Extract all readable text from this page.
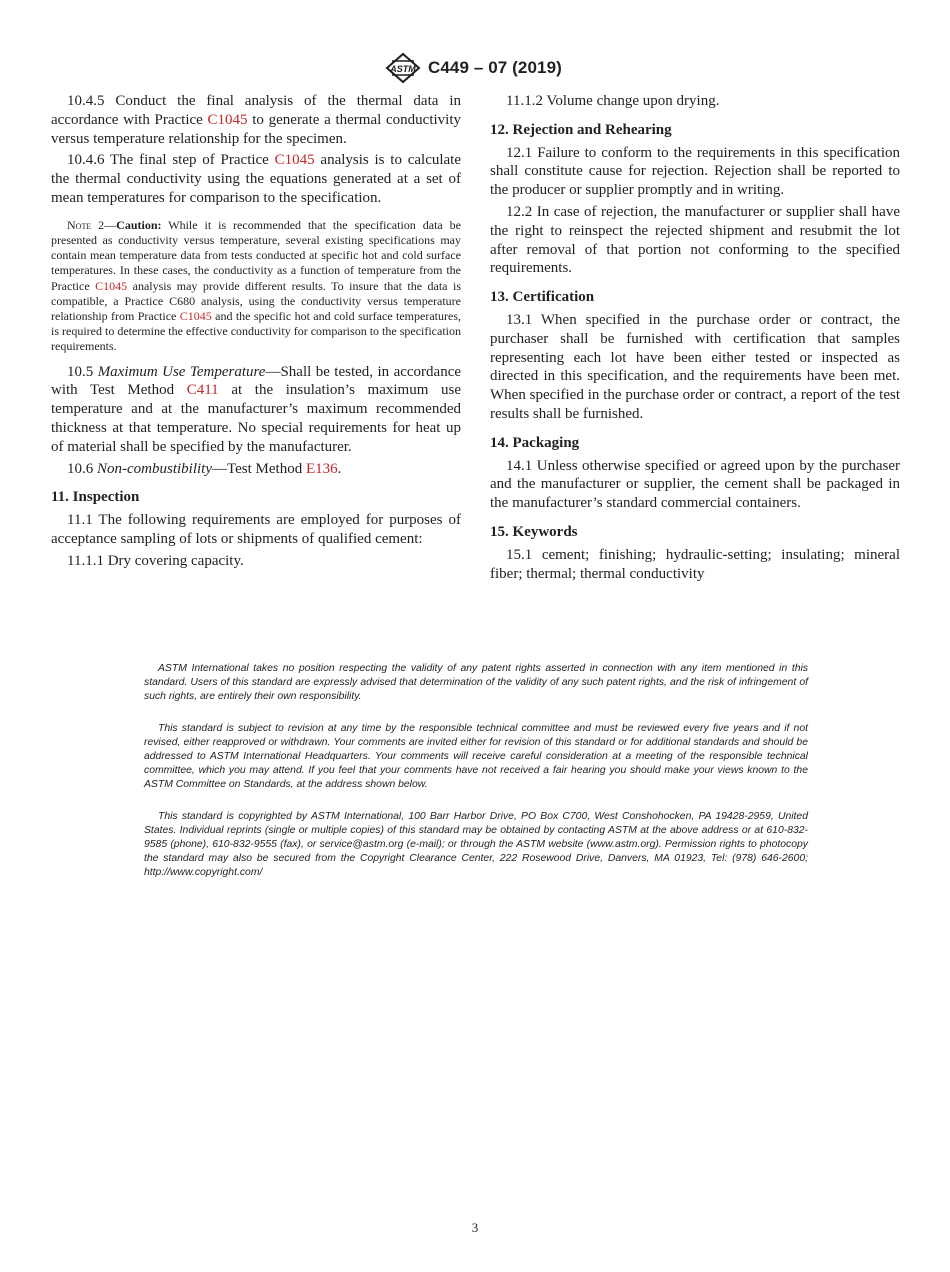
ASTM C449 – 07 (2019)

10.4.5 Conduct the final analysis of the thermal data in accordance with Practice C1045 to generate a thermal conductivity versus temperature relationship for the specimen.

10.4.6 The final step of Practice C1045 analysis is to calculate the thermal conductivity using the equations generated at a set of mean temperatures for comparison to the specification.

Note 2—Caution: While it is recommended that the specification data be presented as conductivity versus temperature, several existing specifications may contain mean temperature data from tests conducted at specific hot and cold surface temperatures. In these cases, the conductivity as a function of temperature from the Practice C1045 analysis may provide different results. To insure that the data is compatible, a Practice C680 analysis, using the conductivity versus temperature relationship from Practice C1045 and the specific hot and cold surface temperatures, is required to determine the effective conductivity for comparison to the specification requirements.

10.5 Maximum Use Temperature—Shall be tested, in accordance with Test Method C411 at the insulation’s maximum use temperature and at the manufacturer’s maximum recommended thickness at that temperature. No special requirements for heat up of material shall be specified by the manufacturer.

10.6 Non-combustibility—Test Method E136.

11. Inspection

11.1 The following requirements are employed for purposes of acceptance sampling of lots or shipments of qualified cement:

11.1.1 Dry covering capacity.

11.1.2 Volume change upon drying.

12. Rejection and Rehearing

12.1 Failure to conform to the requirements in this specification shall constitute cause for rejection. Rejection shall be reported to the producer or supplier promptly and in writing.

12.2 In case of rejection, the manufacturer or supplier shall have the right to reinspect the rejected shipment and resubmit the lot after removal of that portion not conforming to the specified requirements.

13. Certification

13.1 When specified in the purchase order or contract, the purchaser shall be furnished with certification that samples representing each lot have been either tested or inspected as directed in this specification, and the requirements have been met. When specified in the purchase order or contract, a report of the test results shall be furnished.

14. Packaging

14.1 Unless otherwise specified or agreed upon by the purchaser and the manufacturer or supplier, the cement shall be packaged in the manufacturer’s standard commercial containers.

15. Keywords

15.1 cement; finishing; hydraulic-setting; insulating; mineral fiber; thermal; thermal conductivity

ASTM International takes no position respecting the validity of any patent rights asserted in connection with any item mentioned in this standard. Users of this standard are expressly advised that determination of the validity of any such patent rights, and the risk of infringement of such rights, are entirely their own responsibility.

This standard is subject to revision at any time by the responsible technical committee and must be reviewed every five years and if not revised, either reapproved or withdrawn. Your comments are invited either for revision of this standard or for additional standards and should be addressed to ASTM International Headquarters. Your comments will receive careful consideration at a meeting of the responsible technical committee, which you may attend. If you feel that your comments have not received a fair hearing you should make your views known to the ASTM Committee on Standards, at the address shown below.

This standard is copyrighted by ASTM International, 100 Barr Harbor Drive, PO Box C700, West Conshohocken, PA 19428-2959, United States. Individual reprints (single or multiple copies) of this standard may be obtained by contacting ASTM at the above address or at 610-832-9585 (phone), 610-832-9555 (fax), or service@astm.org (e-mail); or through the ASTM website (www.astm.org). Permission rights to photocopy the standard may also be secured from the Copyright Clearance Center, 222 Rosewood Drive, Danvers, MA 01923, Tel: (978) 646-2600; http://www.copyright.com/

3
